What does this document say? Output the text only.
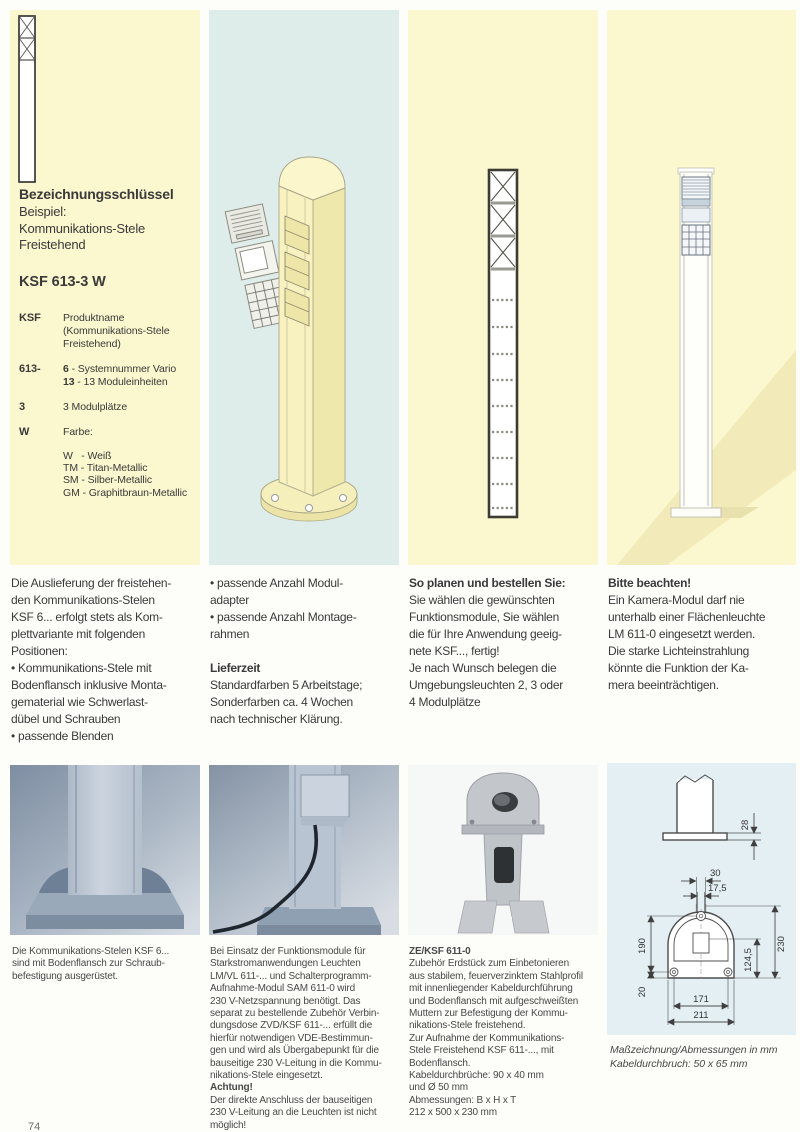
Bezeichnungsschlüssel
Beispiel:
Kommunikations-Stele
Freistehend
KSF 613-3 W
KSF	Produktname
(Kommunikations-Stele
Freistehend)
613-	6 - Systemnummer Vario
13 - 13 Moduleinheiten
3	3 Modulplätze
W	Farbe:
W   - Weiß
TM - Titan-Metallic
SM - Silber-Metallic
GM - Graphitbraun-Metallic
Die Auslieferung der freistehen-
den Kommunikations-Stelen
KSF 6... erfolgt stets als Kom-
plettvariante mit folgenden
Positionen:
• Kommunikations-Stele mit
Bodenflansch inklusive Monta-
gematerial wie Schwerlast-
dübel und Schrauben
• passende Blenden
• passende Anzahl Modul-
adapter
• passende Anzahl Montage-
rahmen
Lieferzeit
Standardfarben 5 Arbeitstage;
Sonderfarben ca. 4 Wochen
nach technischer Klärung.
So planen und bestellen Sie:
Sie wählen die gewünschten
Funktionsmodule, Sie wählen
die für Ihre Anwendung geeig-
nete KSF..., fertig!
Je nach Wunsch belegen die
Umgebungsleuchten 2, 3 oder
4 Modulplätze
Bitte beachten!
Ein Kamera-Modul darf nie
unterhalb einer Flächenleuchte
LM 611-0 eingesetzt werden.
Die starke Lichteinstrahlung
könnte die Funktion der Ka-
mera beeinträchtigen.
28
30
17,5
190
20
230
124,5
171
211
Die Kommunikations-Stelen KSF 6...
sind mit Bodenflansch zur Schraub-
befestigung ausgerüstet.
Bei Einsatz der Funktionsmodule für
Starkstromanwendungen Leuchten
LM/VL 611-... und Schalterprogramm-
Aufnahme-Modul SAM 611-0 wird
230 V-Netzspannung benötigt. Das
separat zu bestellende Zubehör Verbin-
dungsdose ZVD/KSF 611-... erfüllt die
hierfür notwendigen VDE-Bestimmun-
gen und wird als Übergabepunkt für die
bauseitige 230 V-Leitung in die Kommu-
nikations-Stele eingesetzt.
Achtung!
Der direkte Anschluss der bauseitigen
230 V-Leitung an die Leuchten ist nicht
möglich!
ZE/KSF 611-0
Zubehör Erdstück zum Einbetonieren
aus stabilem, feuerverzinktem Stahlprofil
mit innenliegender Kabeldurchführung
und Bodenflansch mit aufgeschweißten
Muttern zur Befestigung der Kommu-
nikations-Stele freistehend.
Zur Aufnahme der Kommunikations-
Stele Freistehend KSF 611-..., mit
Bodenflansch.
Kabeldurchbrüche: 90 x 40 mm
und Ø 50 mm
Abmessungen: B x H x T
212 x 500 x 230 mm
Maßzeichnung/Abmessungen in mm
Kabeldurchbruch: 50 x 65 mm
74
